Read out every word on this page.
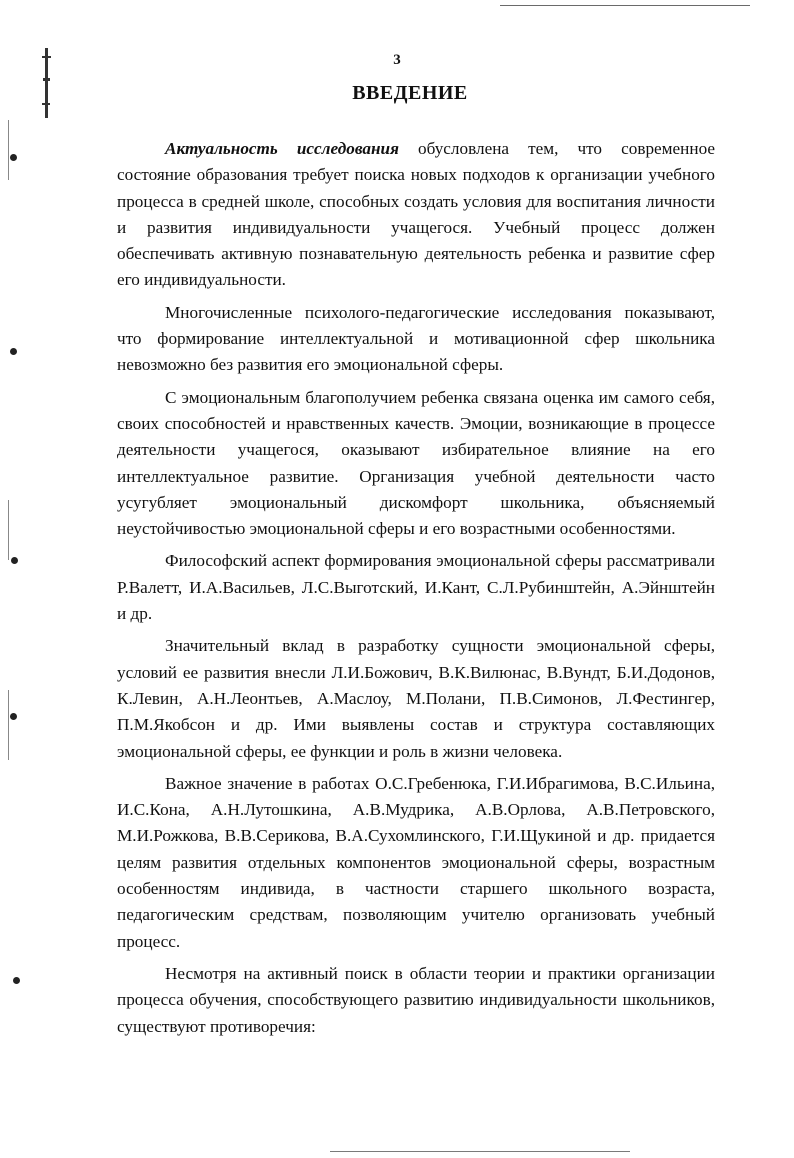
3
ВВЕДЕНИЕ

Актуальность исследования обусловлена тем, что современное состояние образования требует поиска новых подходов к организации учебного процесса в средней школе, способных создать условия для воспитания личности и развития индивидуальности учащегося. Учебный процесс должен обеспечивать активную познавательную деятельность ребенка и развитие сфер его индивидуальности.

Многочисленные психолого-педагогические исследования показывают, что формирование интеллектуальной и мотивационной сфер школьника невозможно без развития его эмоциональной сферы.

С эмоциональным благополучием ребенка связана оценка им самого себя, своих способностей и нравственных качеств. Эмоции, возникающие в процессе деятельности учащегося, оказывают избирательное влияние на его интеллектуальное развитие. Организация учебной деятельности часто усугубляет эмоциональный дискомфорт школьника, объясняемый неустойчивостью эмоциональной сферы и его возрастными особенностями.

Философский аспект формирования эмоциональной сферы рассматривали Р.Валетт, И.А.Васильев, Л.С.Выготский, И.Кант, С.Л.Рубинштейн, А.Эйнштейн и др.

Значительный вклад в разработку сущности эмоциональной сферы, условий ее развития внесли Л.И.Божович, В.К.Вилюнас, В.Вундт, Б.И.Додонов, К.Левин, А.Н.Леонтьев, А.Маслоу, М.Полани, П.В.Симонов, Л.Фестингер, П.М.Якобсон и др. Ими выявлены состав и структура составляющих эмоциональной сферы, ее функции и роль в жизни человека.

Важное значение в работах О.С.Гребенюка, Г.И.Ибрагимова, В.С.Ильина, И.С.Кона, А.Н.Лутошкина, А.В.Мудрика, А.В.Орлова, А.В.Петровского, М.И.Рожкова, В.В.Серикова, В.А.Сухомлинского, Г.И.Щукиной и др. придается целям развития отдельных компонентов эмоциональной сферы, возрастным особенностям индивида, в частности старшего школьного возраста, педагогическим средствам, позволяющим учителю организовать учебный процесс.

Несмотря на активный поиск в области теории и практики организации процесса обучения, способствующего развитию индивидуальности школьников, существуют противоречия:
